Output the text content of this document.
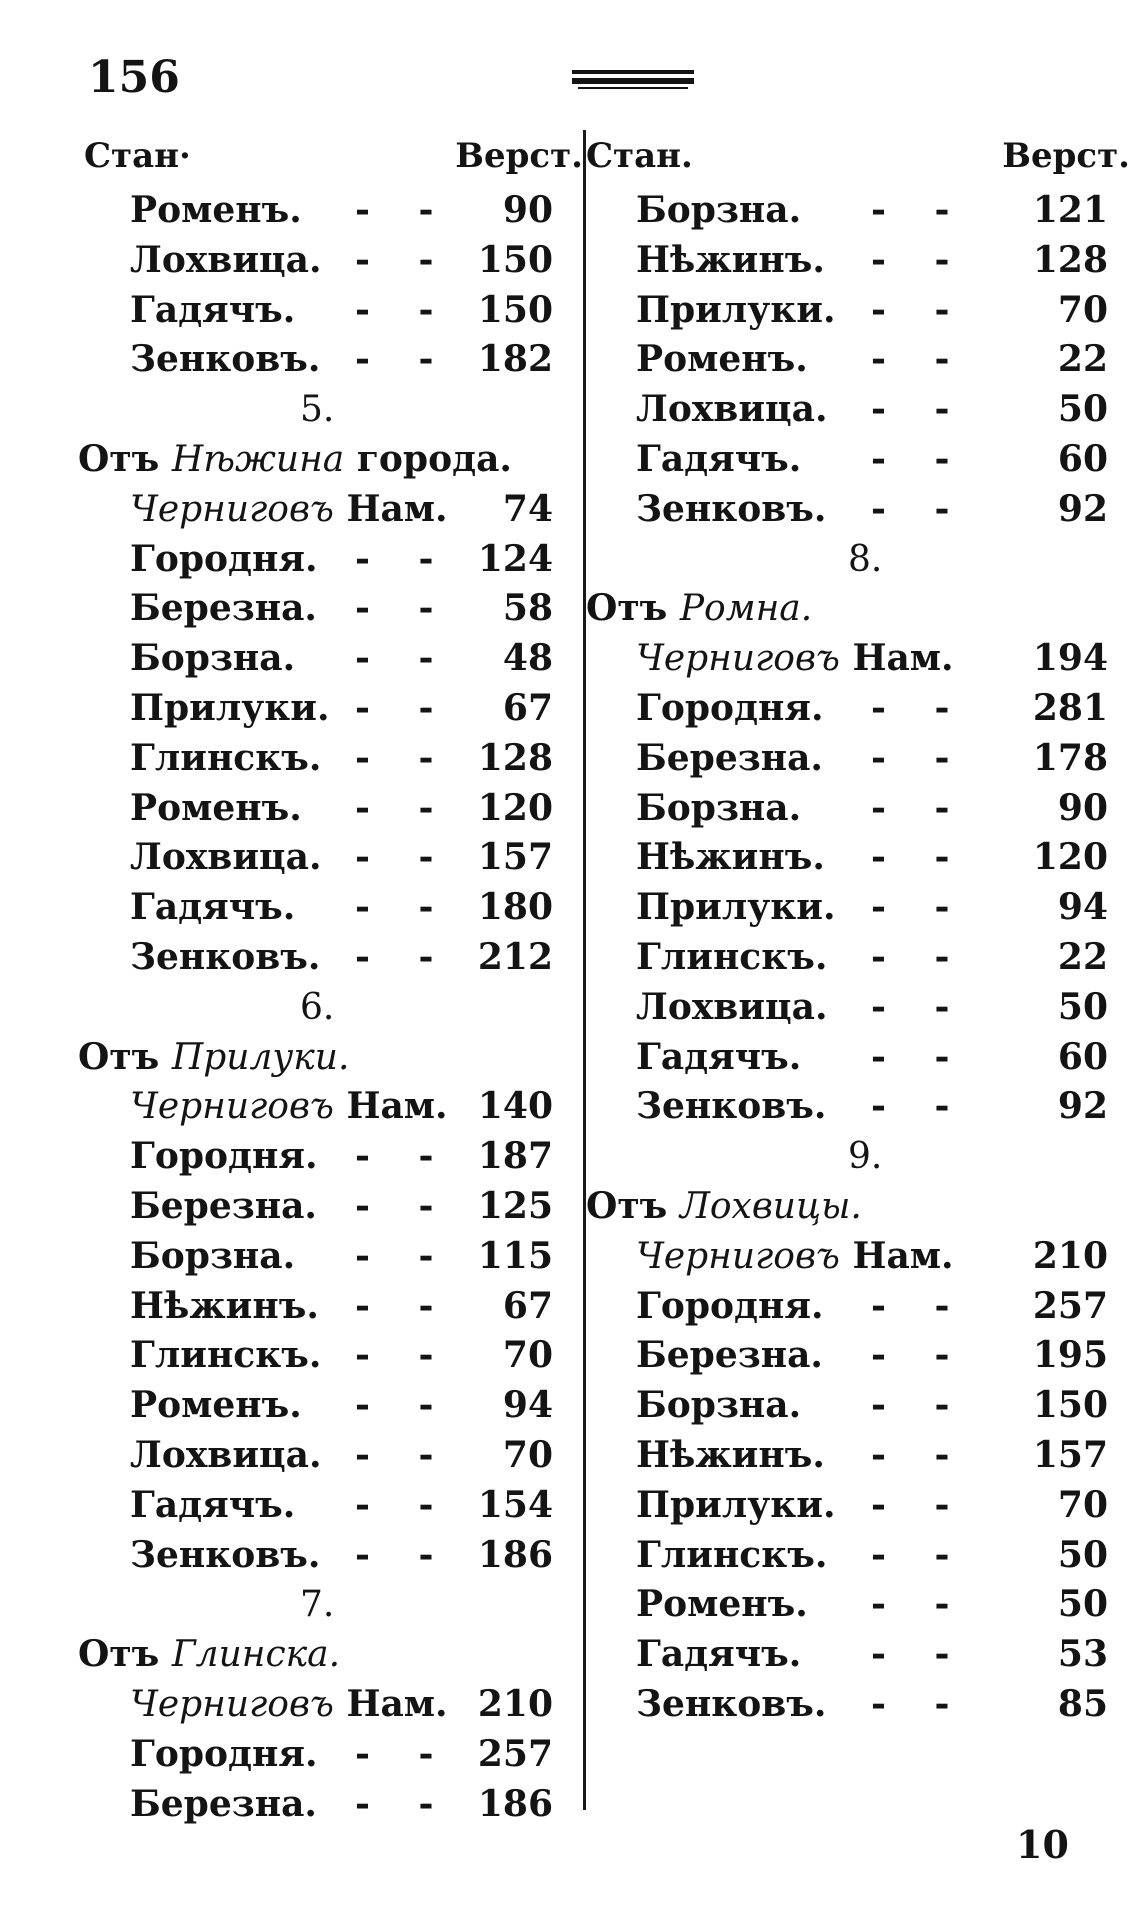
156
Стан·	Верст.
Роменъ. - - 90
Лохвица. - - 150
Гадячъ. - - 150
Зенковъ. - - 182
5.
Отъ Нѣжина города.
Черниговъ Нам. 74
Городня. - - 124
Березна. - - 58
Борзна. - - 48
Прилуки. - - 67
Глинскъ. - - 128
Роменъ. - - 120
Лохвица. - - 157
Гадячъ. - - 180
Зенковъ. - - 212
6.
Отъ Прилуки.
Черниговъ Нам. 140
Городня. - - 187
Березна. - - 125
Борзна. - - 115
Нѣжинъ. - - 67
Глинскъ. - - 70
Роменъ. - - 94
Лохвица. - - 70
Гадячъ. - - 154
Зенковъ. - - 186
7.
Отъ Глинска.
Черниговъ Нам. 210
Городня. - - 257
Березна. - - 186
Стан.	Верст.
Борзна. - - 121
Нѣжинъ. - - 128
Прилуки. - -	70
Роменъ. - -	22
Лохвица. - -	50
Гадячъ. - -	60
Зенковъ. - -	92
8.
Отъ Ромна.
Черниговъ Нам. 194
Городня. - - 281
Березна. - - 178
Борзна. - -	90
Нѣжинъ. - - 120
Прилуки. - -	94
Глинскъ. - -	22
Лохвица. - -	50
Гадячъ. - -	60
Зенковъ. - -	92
9.
Отъ Лохвицы.
Черниговъ Нам. 210
Городня. - - 257
Березна. - - 195
Борзна. - - 150
Нѣжинъ. - - 157
Прилуки. - -	70
Глинскъ. - -	50
Роменъ. - -	50
Гадячъ. - -	53
Зенковъ. - -	85
10
